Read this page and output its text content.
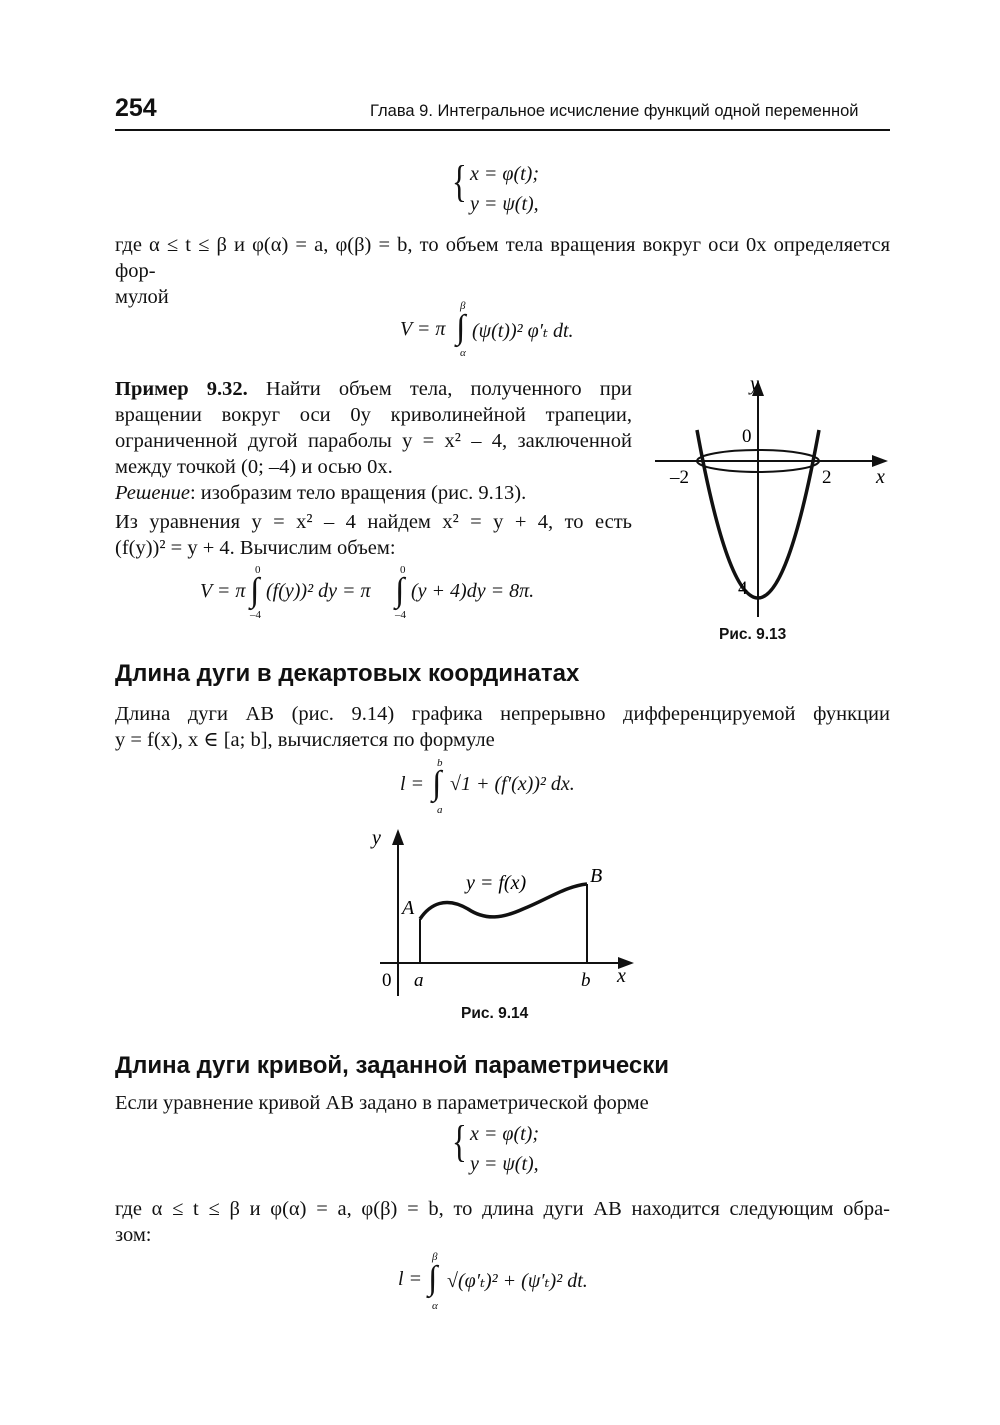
254	Глава 9. Интегральное исчисление функций одной переменной
{ x = φ(t);
y = ψ(t),
где α ≤ t ≤ β и φ(α) = a, φ(β) = b, то объем тела вращения вокруг оси 0x определяется фор-
мулой
V = π
β
∫
α
(ψ(t))² φ′ₜ dt.
Пример 9.32. Найти объем тела, полученного при
вращении вокруг оси 0y криволинейной трапеции,
ограниченной дугой параболы y = x² – 4, заключенной
между точкой (0; –4) и осью 0x.
Решение: изобразим тело вращения (рис. 9.13).
Из уравнения y = x² – 4 найдем x² = y + 4, то есть
(f(y))² = y + 4. Вычислим объем:
V = π
0
∫
–4
(f(y))² dy = π
0
∫
–4
(y + 4)dy = 8π.
y
x
0
–2	2
4
Рис. 9.13
Длина дуги в декартовых координатах
Длина дуги AB (рис. 9.14) графика непрерывно дифференцируемой функции
y = f(x), x ∈ [a; b], вычисляется по формуле
l =
b
∫
a
√1 + (f′(x))² dx.
y
x
0 a	b
A
B
y = f(x)
Рис. 9.14
Длина дуги кривой, заданной параметрически
Если уравнение кривой AB задано в параметрической форме
{ x = φ(t);
y = ψ(t),
где α ≤ t ≤ β и φ(α) = a, φ(β) = b, то длина дуги AB находится следующим обра-
зом:
l =
β
∫
α
√(φ′ₜ)² + (ψ′ₜ)² dt.
